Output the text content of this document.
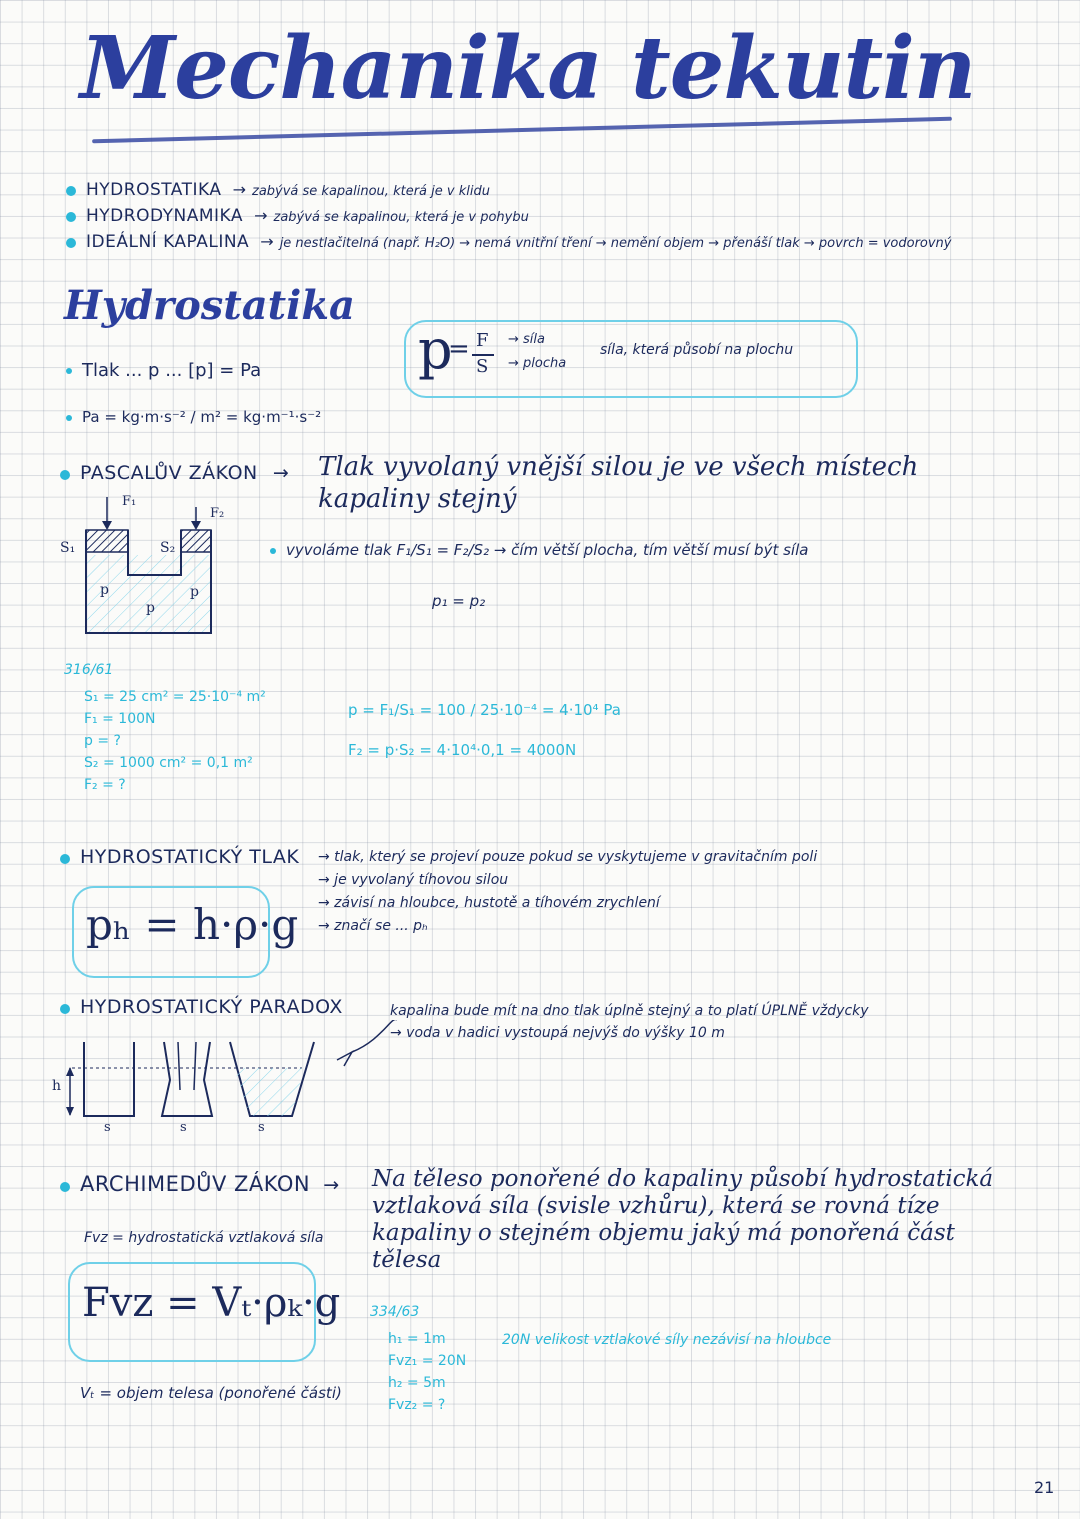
Mechanika tekutin
HYDROSTATIKA → zabývá se kapalinou, která je v klidu
HYDRODYNAMIKA → zabývá se kapalinou, která je v pohybu
IDEÁLNÍ KAPALINA → je nestlačitelná (např. H₂O) → nemá vnitřní tření → nemění objem → přenáší tlak → povrch = vodorovný
Hydrostatika
Tlak ... p ... [p] = Pa
Pa = kg·m·s⁻² / m² = kg·m⁻¹·s⁻²
p
= F
S
→ síla
→ plocha
síla, která působí na plochu
PASCALŮV ZÁKON →	Tlak vyvolaný vnější silou je ve všech místech
kapaliny stejný
F₁
F₂
S₁	S₂
p
p
p
vyvoláme tlak F₁/S₁ = F₂/S₂ → čím větší plocha, tím větší musí být síla
p₁ = p₂
316/61
S₁ = 25 cm² = 25·10⁻⁴ m²
F₁ = 100N
p = ?
S₂ = 1000 cm² = 0,1 m²
F₂ = ?
p = F₁/S₁ = 100 / 25·10⁻⁴ = 4·10⁴ Pa
F₂ = p·S₂ = 4·10⁴·0,1 = 4000N
HYDROSTATICKÝ TLAK
pₕ = h·ρ·g
→ tlak, který se projeví pouze pokud se vyskytujeme v gravitačním poli
→ je vyvolaný tíhovou silou
→ závisí na hloubce, hustotě a tíhovém zrychlení
→ značí se ... pₕ
HYDROSTATICKÝ PARADOX	kapalina bude mít na dno tlak úplně stejný a to platí ÚPLNĚ vždycky
→ voda v hadici vystoupá nejvýš do výšky 10 m
h
s	s	s
ARCHIMEDŮV ZÁKON → Na těleso ponořené do kapaliny působí hydrostatická
vztlaková síla (svisle vzhůru), která se rovná tíze
kapaliny o stejném objemu jaký má ponořená část
tělesa
Fvz = hydrostatická vztlaková síla
Fvz = Vₜ·ρₖ·g
Vₜ = objem telesa (ponořené části)
334/63
h₁ = 1m
Fvz₁ = 20N
h₂ = 5m
Fvz₂ = ?
20N velikost vztlakové síly nezávisí na hloubce
21
